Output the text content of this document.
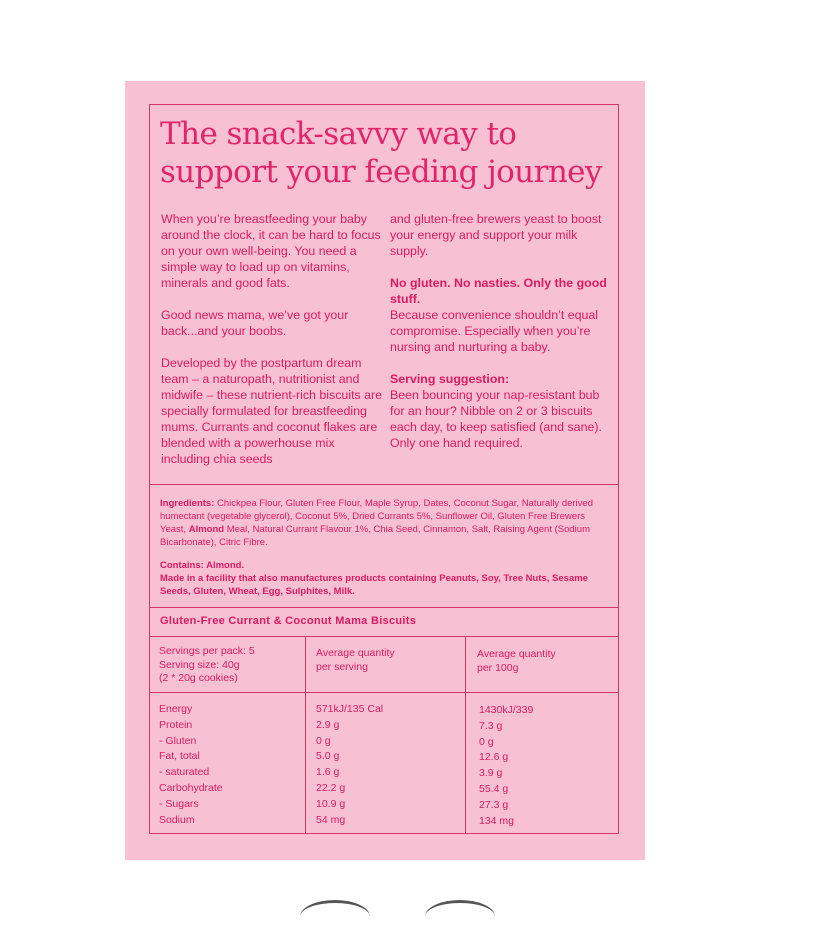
The snack-savvy way to
support your feeding journey

When you’re breastfeeding your baby around the clock, it can be hard to focus on your own well-being. You need a simple way to load up on vitamins, minerals and good fats.

Good news mama, we’ve got your back...and your boobs.

Developed by the postpartum dream team – a naturopath, nutritionist and midwife – these nutrient-rich biscuits are specially formulated for breastfeeding mums. Currants and coconut flakes are blended with a powerhouse mix including chia seeds

and gluten-free brewers yeast to boost your energy and support your milk supply.

No gluten. No nasties. Only the good stuff.

Because convenience shouldn’t equal compromise. Especially when you’re nursing and nurturing a baby.

Serving suggestion:

Been bouncing your nap-resistant bub for an hour? Nibble on 2 or 3 biscuits each day, to keep satisfied (and sane). Only one hand required.

Ingredients: Chickpea Flour, Gluten Free Flour, Maple Syrup, Dates, Coconut Sugar, Naturally derived humectant (vegetable glycerol), Coconut 5%, Dried Currants 5%, Sunflower Oil, Gluten Free Brewers Yeast, Almond Meal, Natural Currant Flavour 1%, Chia Seed, Cinnamon, Salt, Raising Agent (Sodium Bicarbonate), Citric Fibre.

Contains: Almond.
Made in a facility that also manufactures products containing Peanuts, Soy, Tree Nuts, Sesame Seeds, Gluten, Wheat, Egg, Sulphites, Milk.

Gluten-Free Currant & Coconut Mama Biscuits
Servings per pack: 5
Serving size: 40g
(2 * 20g cookies)
Average quantity
per serving
Average quantity
per 100g
Energy
Protein
- Gluten
Fat, total
- saturated
Carbohydrate
- Sugars
Sodium
571kJ/135 Cal
2.9 g
0 g
5.0 g
1.6 g
22.2 g
10.9 g
54 mg
1430kJ/339
7.3 g
0 g
12.6 g
3.9 g
55.4 g
27.3 g
134 mg
